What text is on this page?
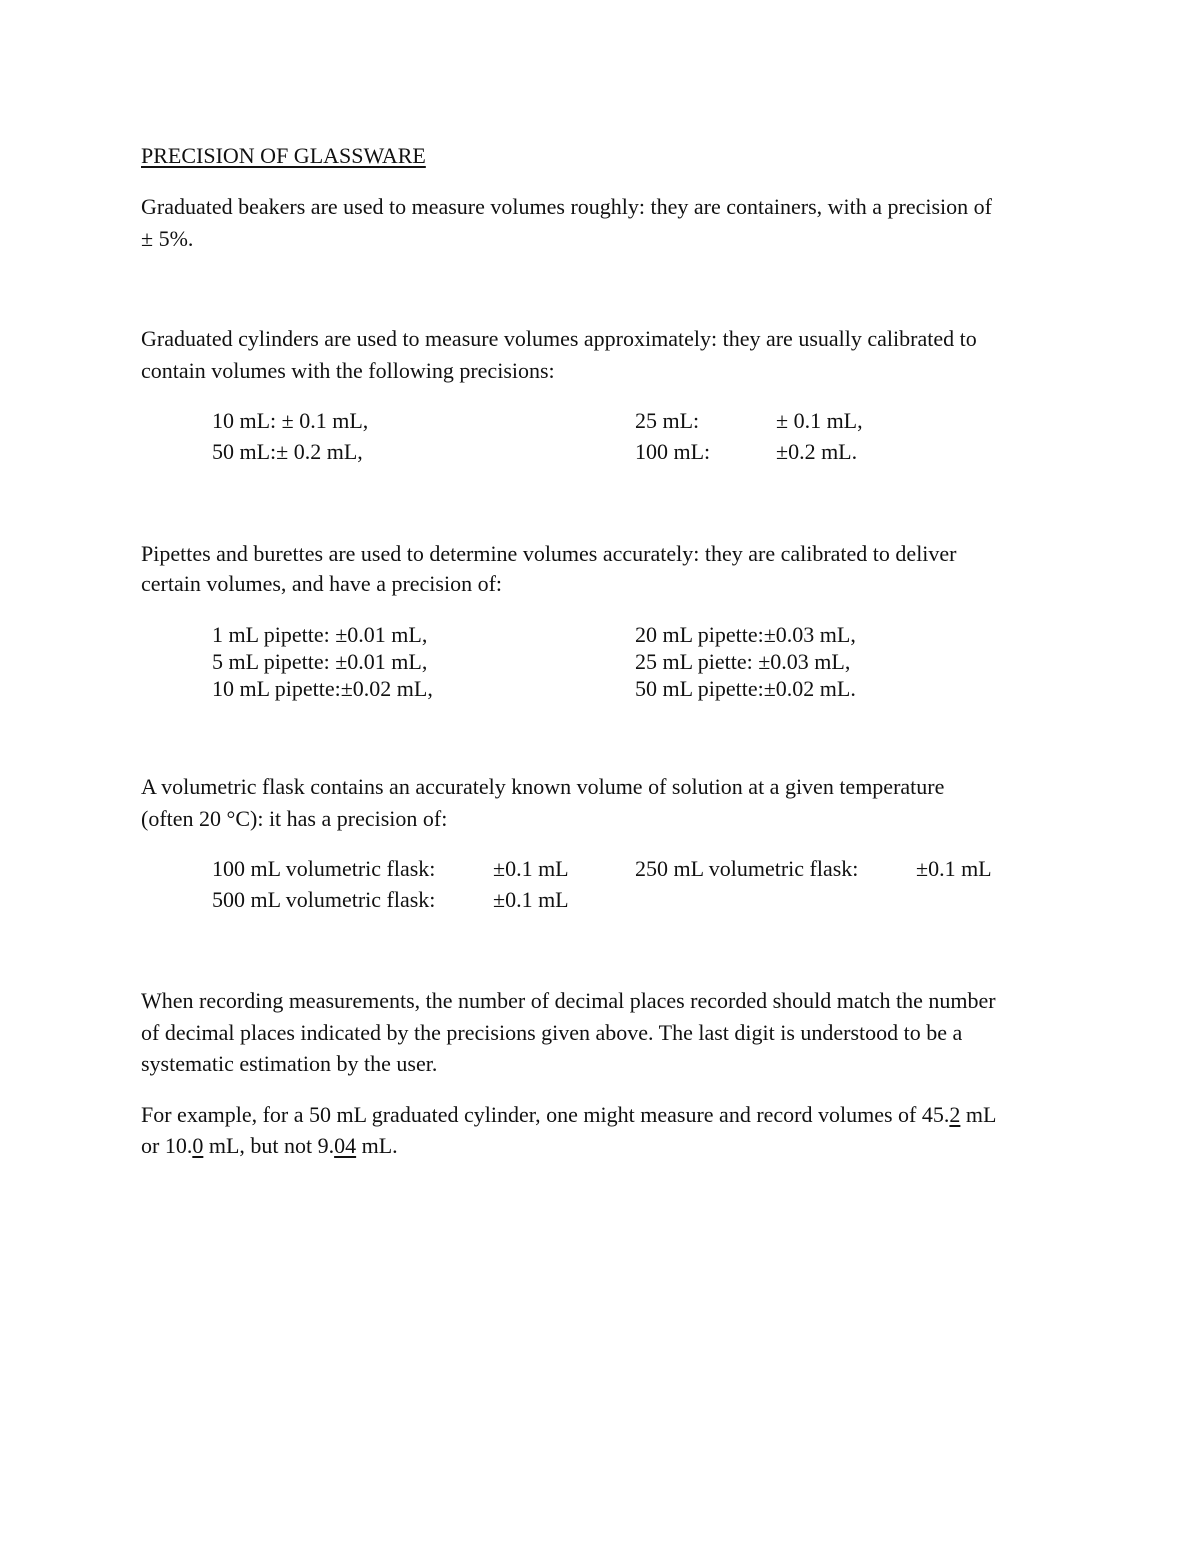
PRECISION OF GLASSWARE
Graduated beakers are used to measure volumes roughly: they are containers, with a precision of
± 5%.
Graduated cylinders are used to measure volumes approximately: they are usually calibrated to
contain volumes with the following precisions:
10 mL: ± 0.1 mL,	25 mL:	± 0.1 mL,
50 mL:± 0.2 mL,	100 mL:	±0.2 mL.
Pipettes and burettes are used to determine volumes accurately: they are calibrated to deliver
certain volumes, and have a precision of:
1 mL pipette: ±0.01 mL,	20 mL pipette:±0.03 mL,
5 mL pipette: ±0.01 mL,	25 mL piette: ±0.03 mL,
10 mL pipette:±0.02 mL,	50 mL pipette:±0.02 mL.
A volumetric flask contains an accurately known volume of solution at a given temperature
(often 20 °C): it has a precision of:
100 mL volumetric flask:	±0.1 mL	250 mL volumetric flask:	±0.1 mL
500 mL volumetric flask:	±0.1 mL
When recording measurements, the number of decimal places recorded should match the number
of decimal places indicated by the precisions given above. The last digit is understood to be a
systematic estimation by the user.
For example, for a 50 mL graduated cylinder, one might measure and record volumes of 45.2 mL
or 10.0 mL, but not 9.04 mL.
